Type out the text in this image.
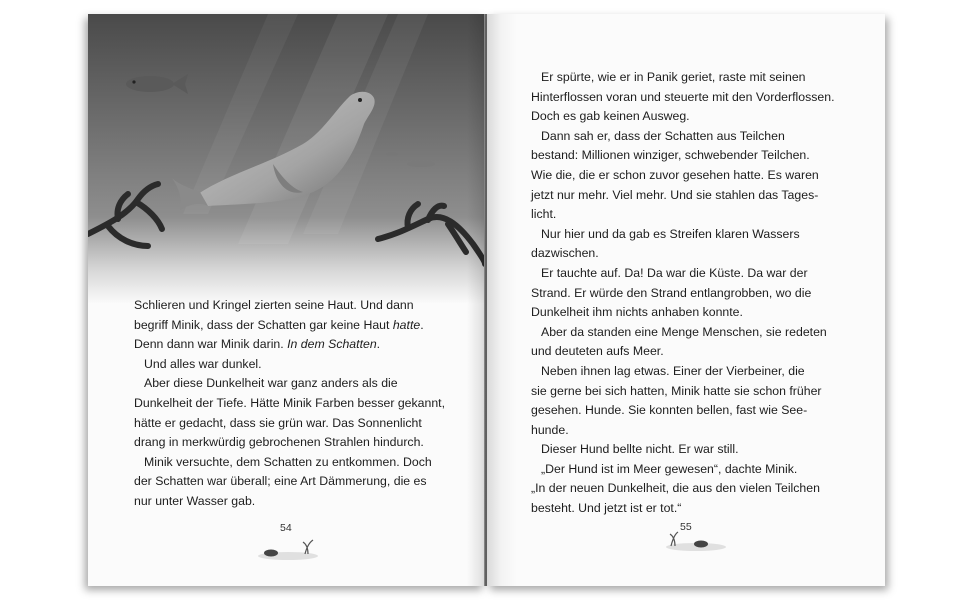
Schlieren und Kringel zierten seine Haut. Und dann

begriff Minik, dass der Schatten gar keine Haut hatte.

Denn dann war Minik darin. In dem Schatten.

Und alles war dunkel.

Aber diese Dunkelheit war ganz anders als die

Dunkelheit der Tiefe. Hätte Minik Farben besser gekannt,

hätte er gedacht, dass sie grün war. Das Sonnenlicht

drang in merkwürdig gebrochenen Strahlen hindurch.

Minik versuchte, dem Schatten zu entkommen. Doch

der Schatten war überall; eine Art Dämmerung, die es

nur unter Wasser gab.

54

Er spürte, wie er in Panik geriet, raste mit seinen

Hinterflossen voran und steuerte mit den Vorderflossen.

Doch es gab keinen Ausweg.

Dann sah er, dass der Schatten aus Teilchen

bestand: Millionen winziger, schwebender Teilchen.

Wie die, die er schon zuvor gesehen hatte. Es waren

jetzt nur mehr. Viel mehr. Und sie stahlen das Tages-

licht.

Nur hier und da gab es Streifen klaren Wassers

dazwischen.

Er tauchte auf. Da! Da war die Küste. Da war der

Strand. Er würde den Strand entlangrobben, wo die

Dunkelheit ihm nichts anhaben konnte.

Aber da standen eine Menge Menschen, sie redeten

und deuteten aufs Meer.

Neben ihnen lag etwas. Einer der Vierbeiner, die

sie gerne bei sich hatten, Minik hatte sie schon früher

gesehen. Hunde. Sie konnten bellen, fast wie See-

hunde.

Dieser Hund bellte nicht. Er war still.

„Der Hund ist im Meer gewesen“, dachte Minik.

„In der neuen Dunkelheit, die aus den vielen Teilchen

besteht. Und jetzt ist er tot.“

55
